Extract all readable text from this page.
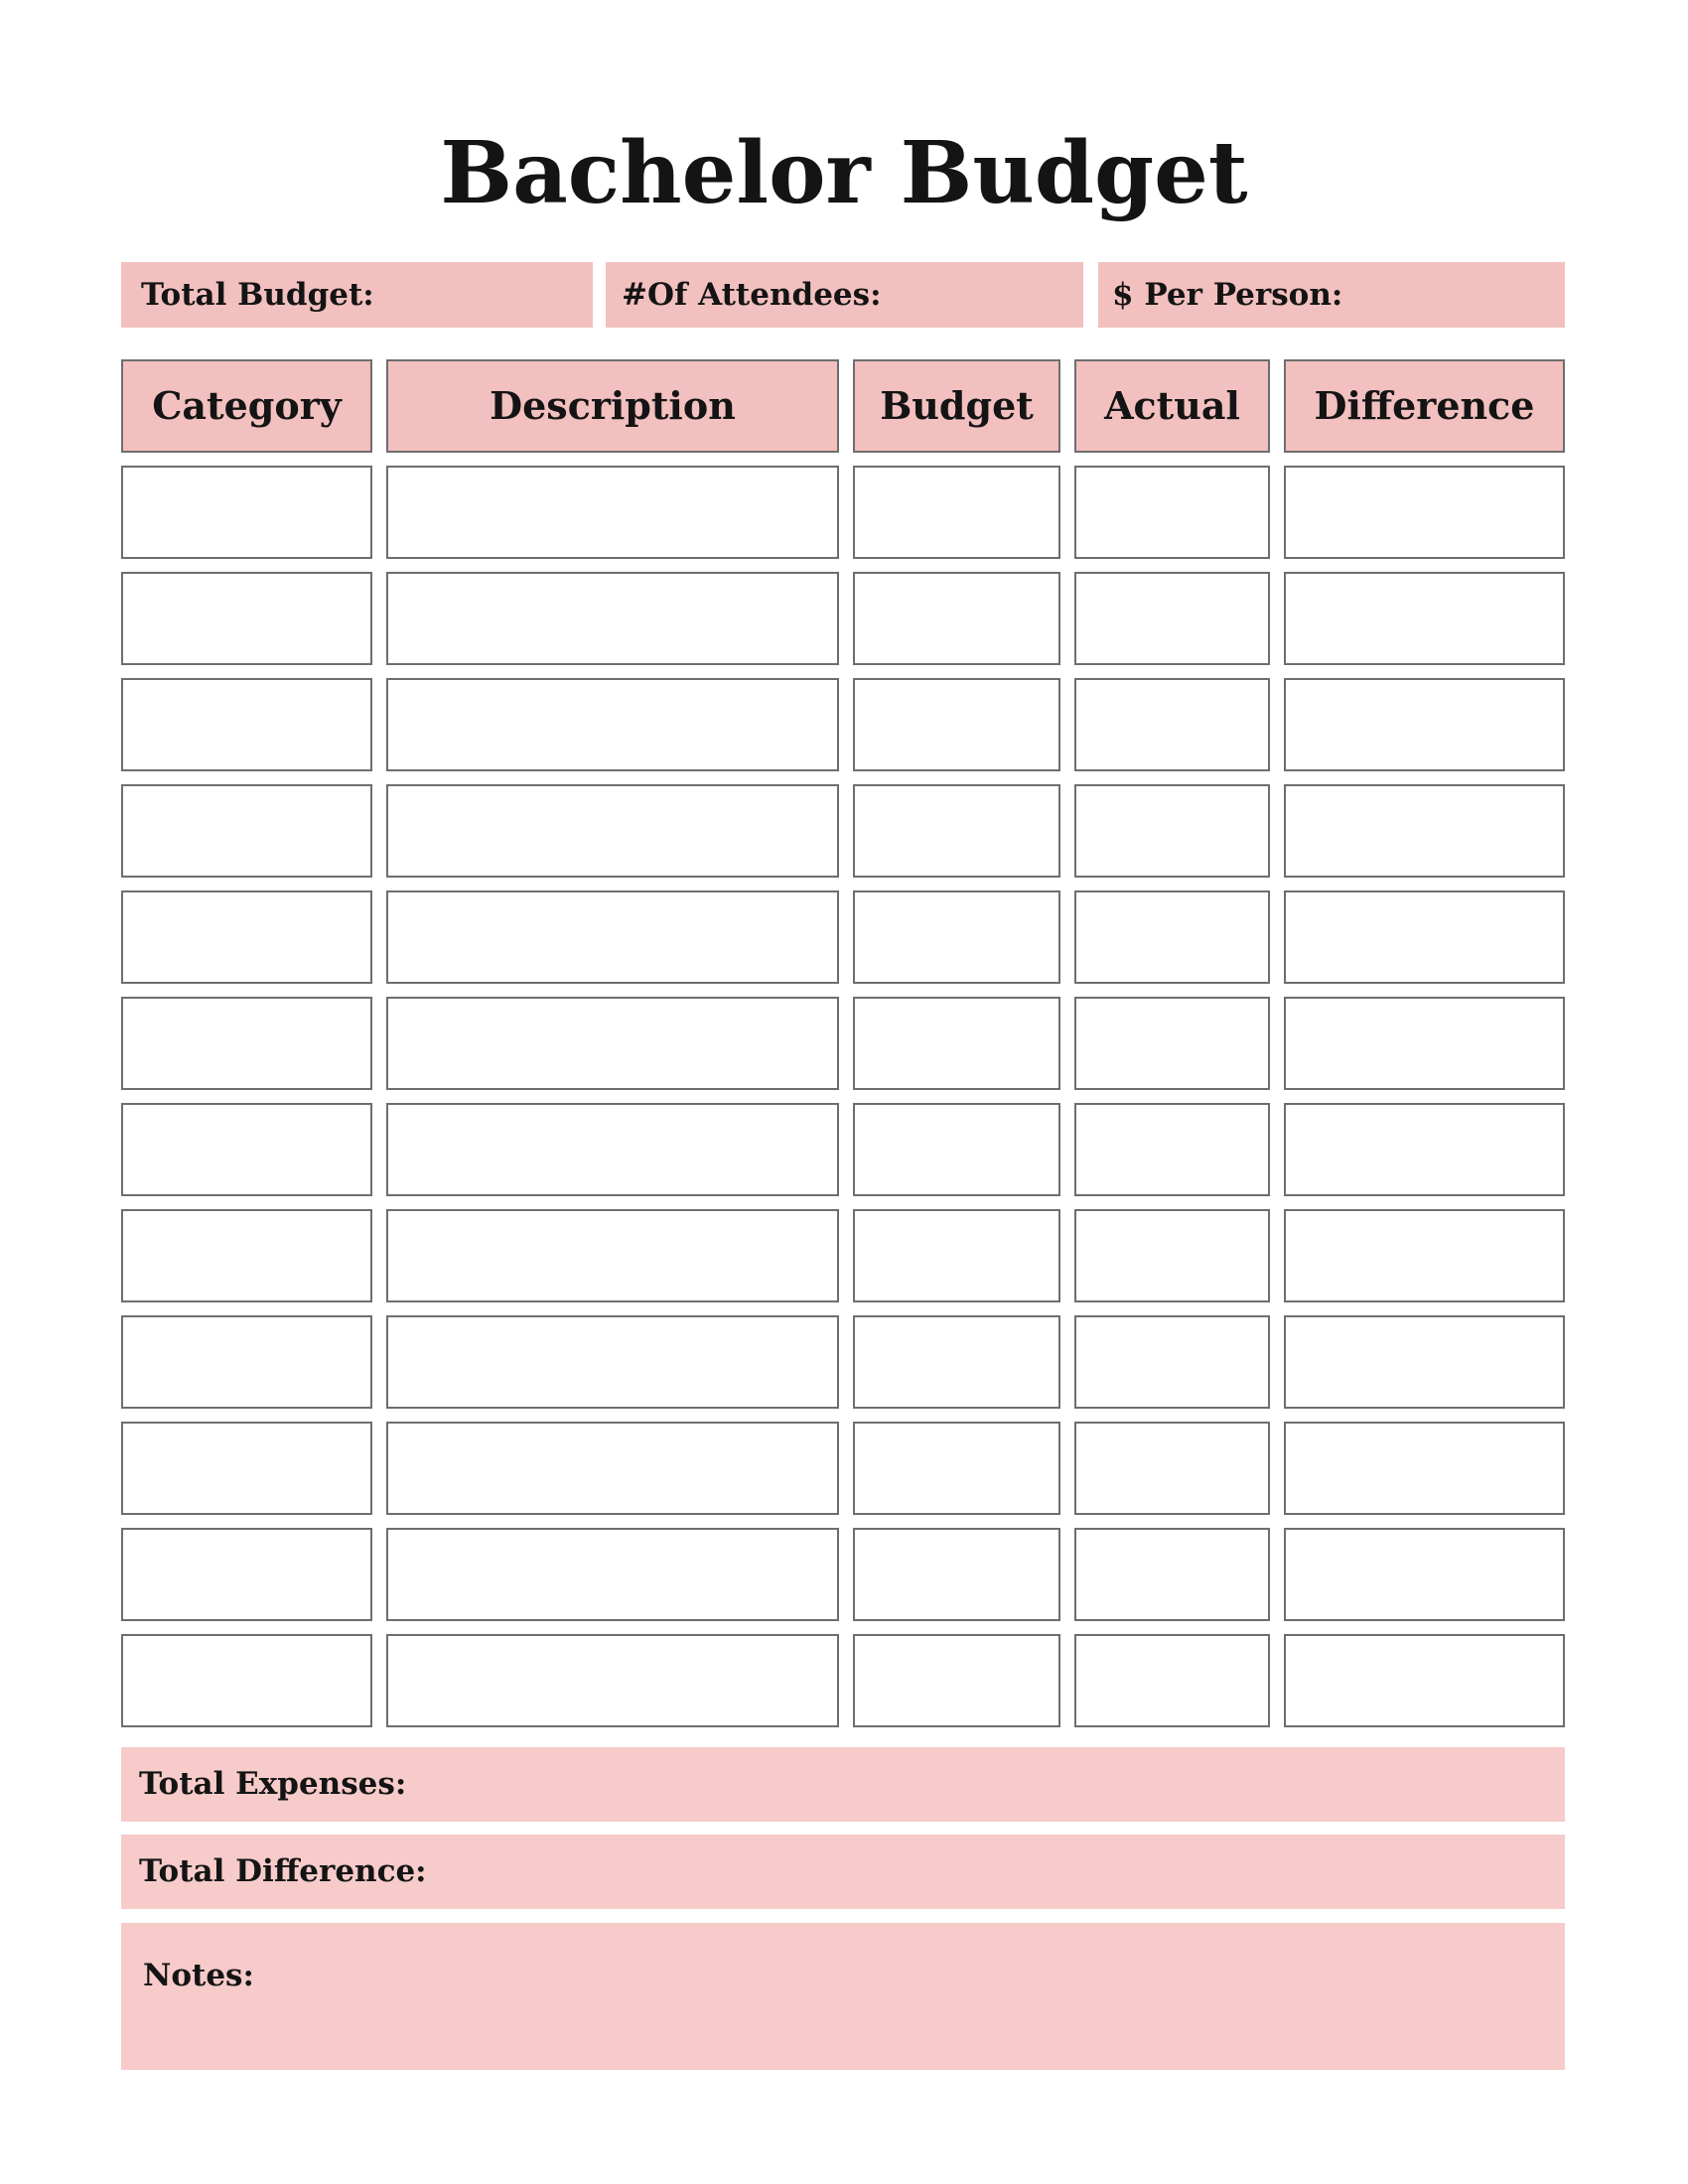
Bachelor Budget
Total Budget:	#Of Attendees:	$ Per Person:
Category	Description	Budget	Actual	Difference
Total Expenses:
Total Difference:
Notes:
